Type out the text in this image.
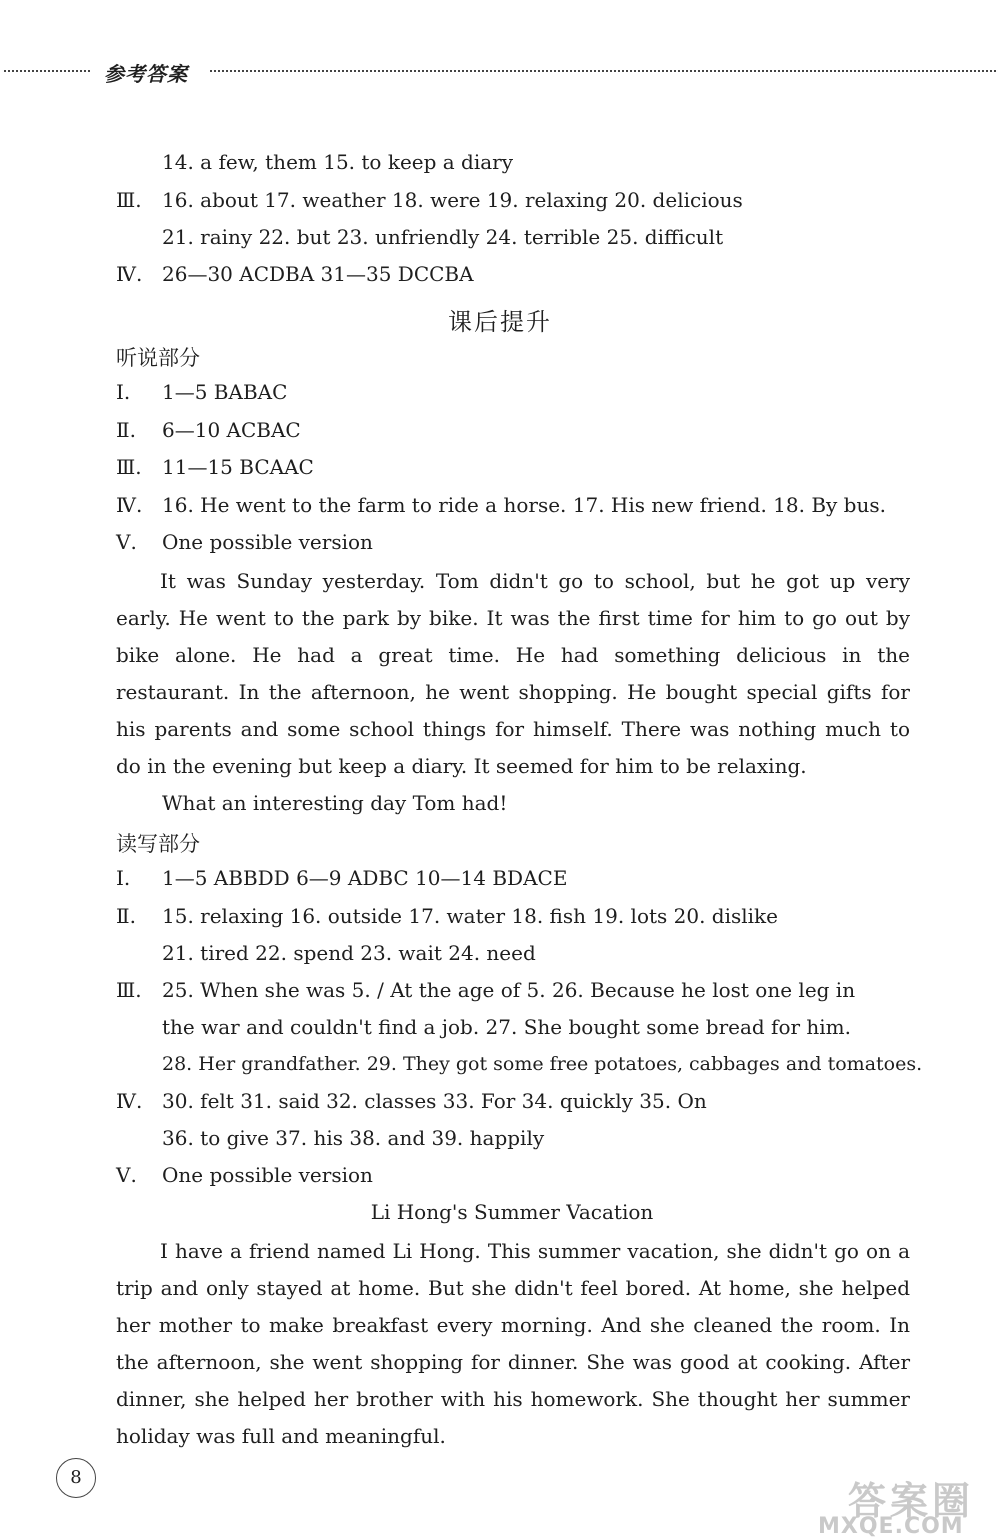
参考答案
14. a few, them 15. to keep a diary
Ⅲ. 16. about 17. weather 18. were 19. relaxing 20. delicious
21. rainy 22. but 23. unfriendly 24. terrible 25. difficult
Ⅳ. 26—30 ACDBA 31—35 DCCBA
课后提升
听说部分
Ⅰ. 1—5 BABAC
Ⅱ. 6—10 ACBAC
Ⅲ. 11—15 BCAAC
Ⅳ. 16. He went to the farm to ride a horse. 17. His new friend. 18. By bus.
Ⅴ. One possible version
It was Sunday yesterday. Tom didn't go to school, but he got up very early. He went to the park by bike. It was the first time for him to go out by bike alone. He had a great time. He had something delicious in the restaurant. In the afternoon, he went shopping. He bought special gifts for his parents and some school things for himself. There was nothing much to do in the evening but keep a diary. It seemed for him to be relaxing.
What an interesting day Tom had!
读写部分
Ⅰ. 1—5 ABBDD 6—9 ADBC 10—14 BDACE
Ⅱ. 15. relaxing 16. outside 17. water 18. fish 19. lots 20. dislike
21. tired 22. spend 23. wait 24. need
Ⅲ. 25. When she was 5. / At the age of 5. 26. Because he lost one leg in
the war and couldn't find a job. 27. She bought some bread for him.
28. Her grandfather. 29. They got some free potatoes, cabbages and tomatoes.
Ⅳ. 30. felt 31. said 32. classes 33. For 34. quickly 35. On
36. to give 37. his 38. and 39. happily
Ⅴ. One possible version
Li Hong's Summer Vacation
I have a friend named Li Hong. This summer vacation, she didn't go on a trip and only stayed at home. But she didn't feel bored. At home, she helped her mother to make breakfast every morning. And she cleaned the room. In the afternoon, she went shopping for dinner. She was good at cooking. After dinner, she helped her brother with his homework. She thought her summer holiday was full and meaningful.
8
答案圈
MXQE.COM
